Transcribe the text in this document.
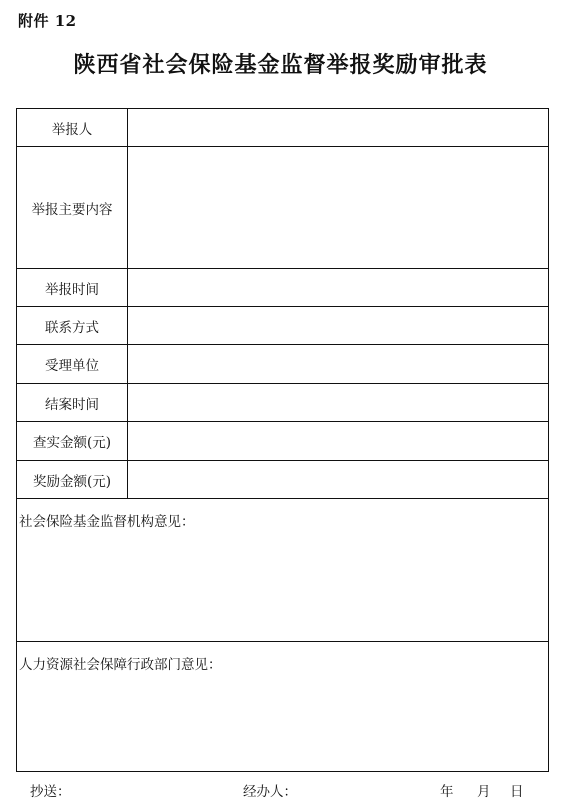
附件 12
陕西省社会保险基金监督举报奖励审批表
举报人	
举报主要内容	
举报时间	
联系方式	
受理单位	
结案时间	
查实金额(元)	
奖励金额(元)	
社会保险基金监督机构意见：	
人力资源社会保障行政部门意见：	
抄送：	经办人：	年 月 日
